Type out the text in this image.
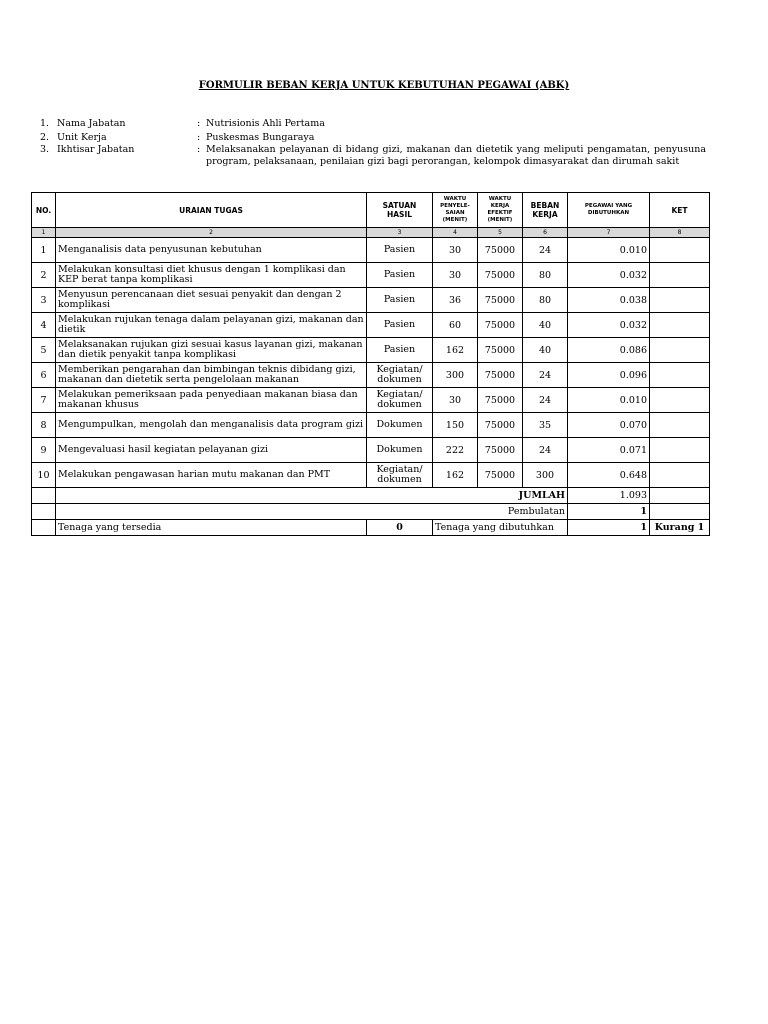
FORMULIR BEBAN KERJA UNTUK KEBUTUHAN PEGAWAI (ABK)
1. Nama Jabatan	: Nutrisionis Ahli Pertama
2. Unit Kerja	: Puskesmas Bungaraya
3. Ikhtisar Jabatan	: Melaksanakan pelayanan di bidang gizi, makanan dan dietetik yang meliputi pengamatan, penyusuna program, pelaksanaan, penilaian gizi bagi perorangan, kelompok dimasyarakat dan dirumah sakit
NO.	URAIAN TUGAS	SATUAN HASIL	WAKTU PENYELE-SAIAN (MENIT)	WAKTU KERJA EFEKTIF (MENIT)	BEBAN KERJA	PEGAWAI YANG DIBUTUHKAN	KET
1	2	3	4	5	6	7	8
1	Menganalisis data penyusunan kebutuhan	Pasien	30	75000	24	0.010	
2	Melakukan konsultasi diet khusus dengan 1 komplikasi dan KEP berat tanpa komplikasi	Pasien	30	75000	80	0.032	
3	Menyusun perencanaan diet sesuai penyakit dan dengan 2 komplikasi	Pasien	36	75000	80	0.038	
4	Melakukan rujukan tenaga dalam pelayanan gizi, makanan dan dietik	Pasien	60	75000	40	0.032	
5	Melaksanakan rujukan gizi sesuai kasus layanan gizi, makanan dan dietik penyakit tanpa komplikasi	Pasien	162	75000	40	0.086	
6	Memberikan pengarahan dan bimbingan teknis dibidang gizi, makanan dan dietetik serta pengelolaan makanan	Kegiatan/ dokumen	300	75000	24	0.096	
7	Melakukan pemeriksaan pada penyediaan makanan biasa dan makanan khusus	Kegiatan/ dokumen	30	75000	24	0.010	
8	Mengumpulkan, mengolah dan menganalisis data program gizi	Dokumen	150	75000	35	0.070	
9	Mengevaluasi hasil kegiatan pelayanan gizi	Dokumen	222	75000	24	0.071	
10	Melakukan pengawasan harian mutu makanan dan PMT	Kegiatan/ dokumen	162	75000	300	0.648	
	JUMLAH					1.093	
	Pembulatan					1	
	Tenaga yang tersedia	0	Tenaga yang dibutuhkan			1	Kurang 1
